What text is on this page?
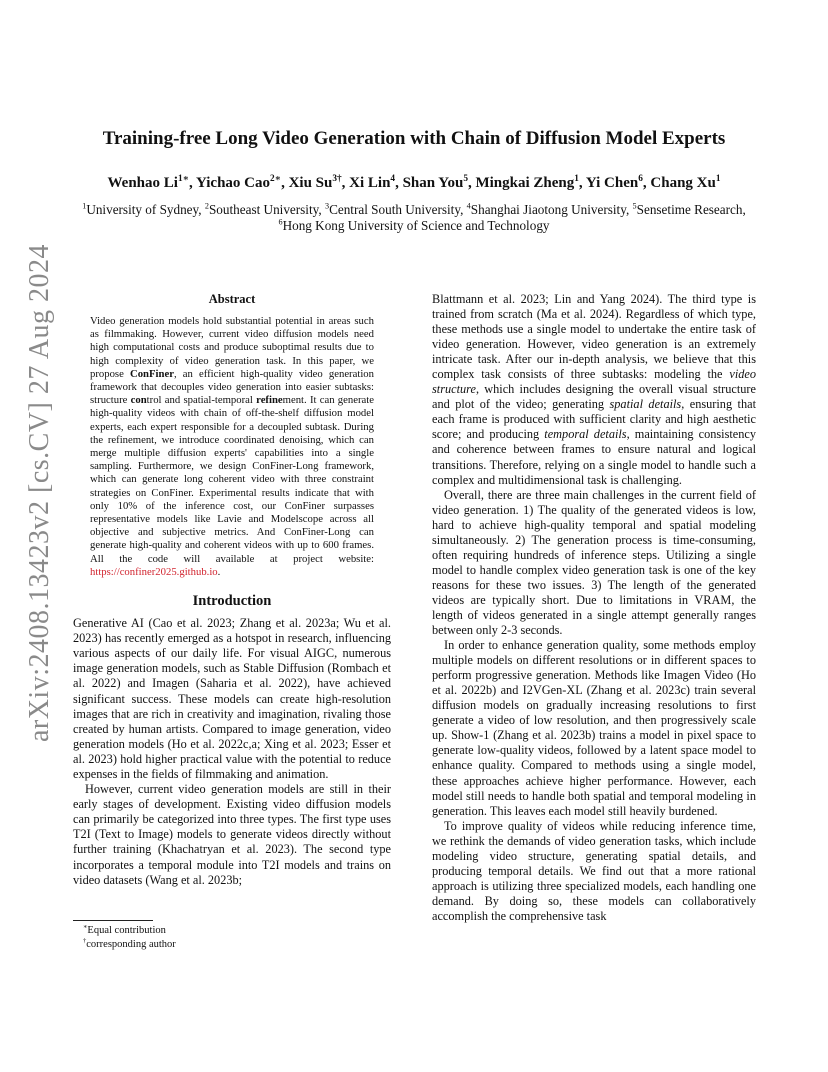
arXiv:2408.13423v2 [cs.CV] 27 Aug 2024
Training-free Long Video Generation with Chain of Diffusion Model Experts

Wenhao $Li^{1∗}$, Yichao Cao$^{2∗}$, Xiu $Su^{3\dagger}$, Xi Lin$^4$, Shan You$^5$, Mingkai Zheng$^1$, Yi Chen$^6$, Chang Xu$^1$

$^1$University of Sydney, $^2$Southeast University, $^3$Central South University, $^4$Shanghai Jiaotong University, $^5$Sensetime Research,
$^6$Hong Kong University of Science and Technology

Abstract

Video generation models hold substantial potential in areas such as filmmaking. However, current video diffusion models need high computational costs and produce suboptimal results due to high complexity of video generation task. In this paper, we propose ConFiner, an efficient high-quality video generation framework that decouples video generation into easier subtasks: structure control and spatial-temporal refinement. It can generate high-quality videos with chain of off-the-shelf diffusion model experts, each expert responsible for a decoupled subtask. During the refinement, we introduce coordinated denoising, which can merge multiple diffusion experts' capabilities into a single sampling. Furthermore, we design ConFiner-Long framework, which can generate long coherent video with three constraint strategies on ConFiner. Experimental results indicate that with only 10% of the inference cost, our ConFiner surpasses representative models like Lavie and Modelscope across all objective and subjective metrics. And ConFiner-Long can generate high-quality and coherent videos with up to 600 frames. All the code will available at project website: https://confiner2025.github.io.

Introduction

Generative AI (Cao et al. 2023; Zhang et al. 2023a; Wu et al. 2023) has recently emerged as a hotspot in research, influencing various aspects of our daily life. For visual AIGC, numerous image generation models, such as Stable Diffusion (Rombach et al. 2022) and Imagen (Saharia et al. 2022), have achieved significant success. These models can create high-resolution images that are rich in creativity and imagination, rivaling those created by human artists. Compared to image generation, video generation models (Ho et al. 2022c,a; Xing et al. 2023; Esser et al. 2023) hold higher practical value with the potential to reduce expenses in the fields of filmmaking and animation.

However, current video generation models are still in their early stages of development. Existing video diffusion models can primarily be categorized into three types. The first type uses T2I (Text to Image) models to generate videos directly without further training (Khachatryan et al. 2023). The second type incorporates a temporal module into T2I models and trains on video datasets (Wang et al. 2023b;

Blattmann et al. 2023; Lin and Yang 2024). The third type is trained from scratch (Ma et al. 2024). Regardless of which type, these methods use a single model to undertake the entire task of video generation. However, video generation is an extremely intricate task. After our in-depth analysis, we believe that this complex task consists of three subtasks: modeling the video structure, which includes designing the overall visual structure and plot of the video; generating spatial details, ensuring that each frame is produced with sufficient clarity and high aesthetic score; and producing temporal details, maintaining consistency and coherence between frames to ensure natural and logical transitions. Therefore, relying on a single model to handle such a complex and multidimensional task is challenging.

Overall, there are three main challenges in the current field of video generation. 1) The quality of the generated videos is low, hard to achieve high-quality temporal and spatial modeling simultaneously. 2) The generation process is time-consuming, often requiring hundreds of inference steps. Utilizing a single model to handle complex video generation task is one of the key reasons for these two issues. 3) The length of the generated videos are typically short. Due to limitations in VRAM, the length of videos generated in a single attempt generally ranges between only 2-3 seconds.

In order to enhance generation quality, some methods employ multiple models on different resolutions or in different spaces to perform progressive generation. Methods like Imagen Video (Ho et al. 2022b) and I2VGen-XL (Zhang et al. 2023c) train several diffusion models on gradually increasing resolutions to first generate a video of low resolution, and then progressively scale up. Show-1 (Zhang et al. 2023b) trains a model in pixel space to generate low-quality videos, followed by a latent space model to enhance quality. Compared to methods using a single model, these approaches achieve higher performance. However, each model still needs to handle both spatial and temporal modeling in generation. This leaves each model still heavily burdened.

To improve quality of videos while reducing inference time, we rethink the demands of video generation tasks, which include modeling video structure, generating spatial details, and producing temporal details. We find out that a more rational approach is utilizing three specialized models, each handling one demand. By doing so, these models can collaboratively accomplish the comprehensive task

∗Equal contribution

†corresponding author
